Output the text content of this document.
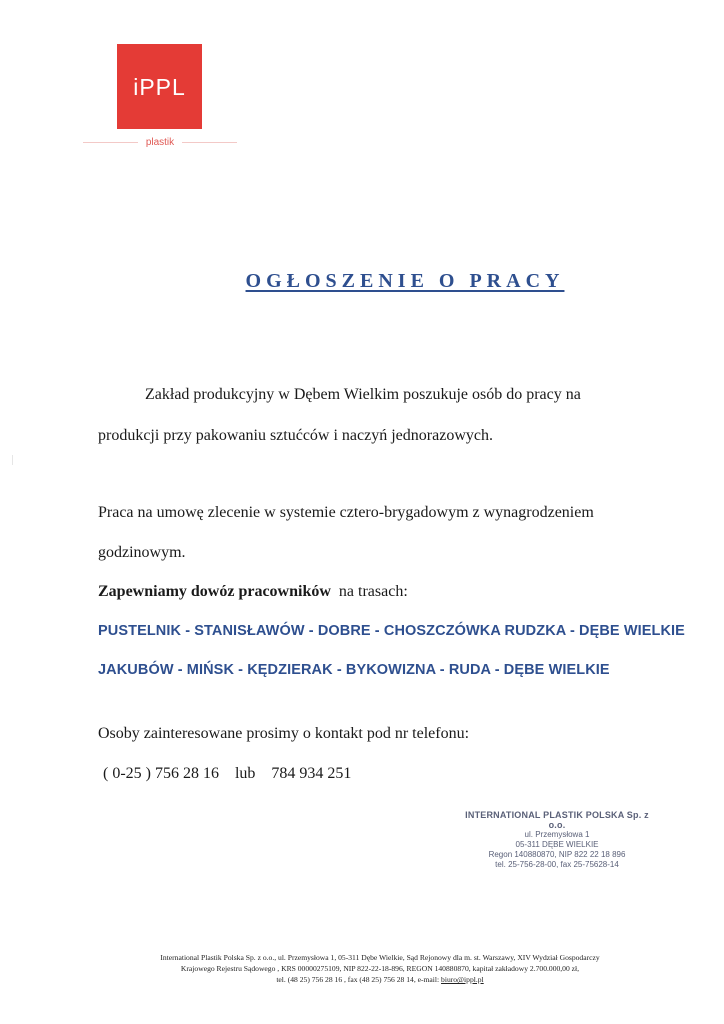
iPPL
plastik
OGŁOSZENIE O PRACY
Zakład produkcyjny w Dębem Wielkim poszukuje osób do pracy na
produkcji przy pakowaniu sztućców i naczyń jednorazowych.
Praca na umowę zlecenie w systemie cztero-brygadowym z wynagrodzeniem
godzinowym.
Zapewniamy dowóz pracowników na trasach:
PUSTELNIK - STANISŁAWÓW - DOBRE - CHOSZCZÓWKA RUDZKA - DĘBE WIELKIE
JAKUBÓW - MIŃSK - KĘDZIERAK - BYKOWIZNA - RUDA - DĘBE WIELKIE
Osoby zainteresowane prosimy o kontakt pod nr telefonu:
( 0-25 ) 756 28 16    lub    784 934 251
INTERNATIONAL PLASTIK POLSKA Sp. z o.o.
ul. Przemysłowa 1
05-311 DĘBE WIELKIE
Regon 140880870, NIP 822 22 18 896
tel. 25-756-28-00, fax 25-75628-14
International Plastik Polska Sp. z o.o., ul. Przemysłowa 1, 05-311 Dębe Wielkie, Sąd Rejonowy dla m. st. Warszawy, XIV Wydział Gospodarczy
Krajowego Rejestru Sądowego , KRS 00000275109, NIP 822-22-18-896, REGON 140880870, kapitał zakładowy 2.700.000,00 zł,
tel. (48 25) 756 28 16 , fax (48 25) 756 28 14, e-mail: biuro@ippl.pl
